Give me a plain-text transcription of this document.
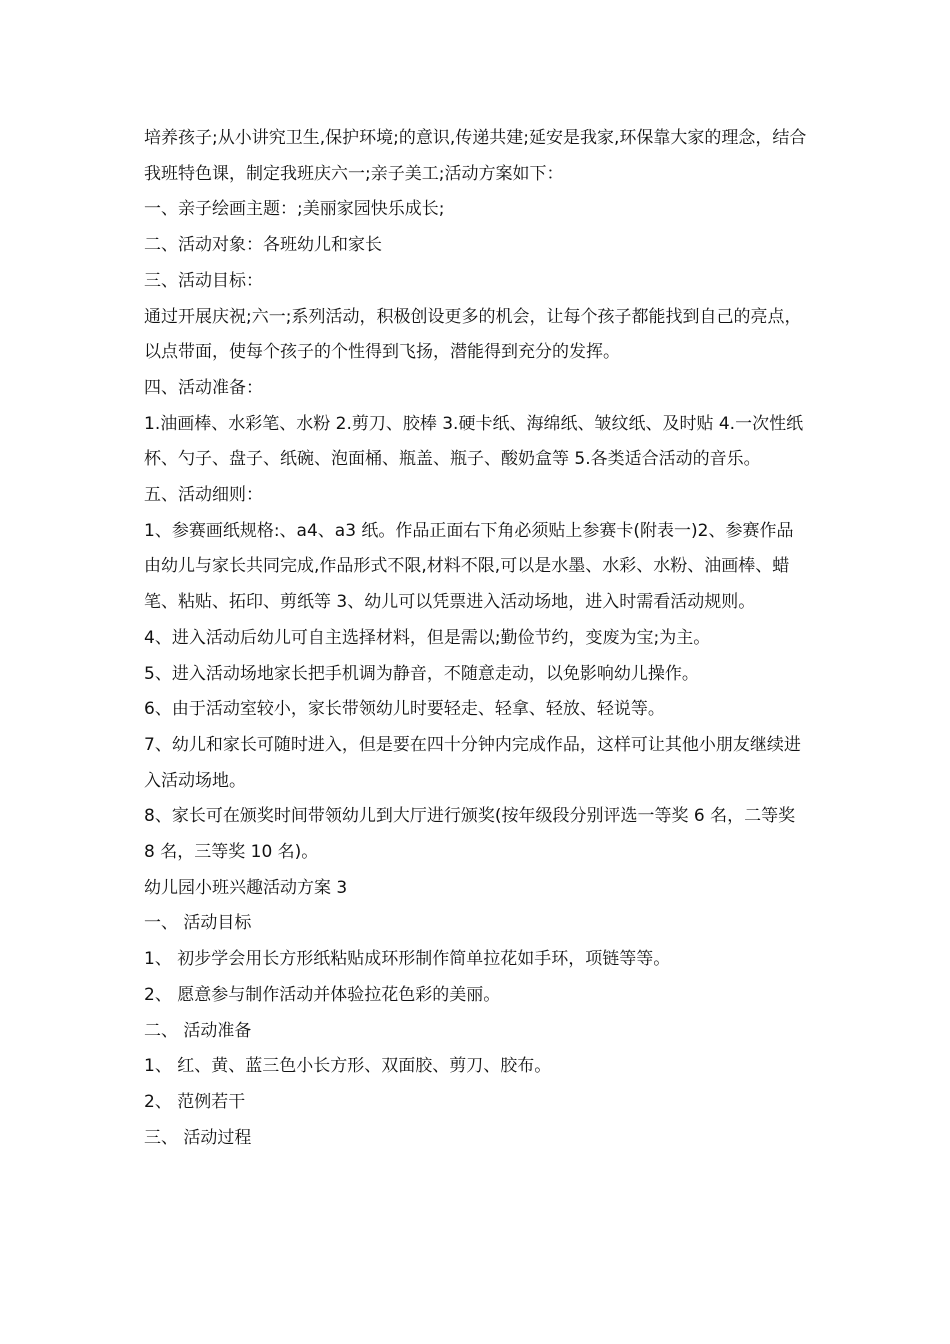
培养孩子;从小讲究卫生,保护环境;的意识,传递共建;延安是我家,环保靠大家的理念，结合我班特色课，制定我班庆六一;亲子美工;活动方案如下：

一、亲子绘画主题：;美丽家园快乐成长;

二、活动对象：各班幼儿和家长

三、活动目标：

通过开展庆祝;六一;系列活动，积极创设更多的机会，让每个孩子都能找到自己的亮点，以点带面，使每个孩子的个性得到飞扬，潜能得到充分的发挥。

四、活动准备：

1.油画棒、水彩笔、水粉 2.剪刀、胶棒 3.硬卡纸、海绵纸、皱纹纸、及时贴 4.一次性纸杯、勺子、盘子、纸碗、泡面桶、瓶盖、瓶子、酸奶盒等 5.各类适合活动的音乐。

五、活动细则：

1、参赛画纸规格:、a4、a3 纸。作品正面右下角必须贴上参赛卡(附表一)2、参赛作品由幼儿与家长共同完成,作品形式不限,材料不限,可以是水墨、水彩、水粉、油画棒、蜡笔、粘贴、拓印、剪纸等 3、幼儿可以凭票进入活动场地，进入时需看活动规则。

4、进入活动后幼儿可自主选择材料，但是需以;勤俭节约，变废为宝;为主。

5、进入活动场地家长把手机调为静音，不随意走动，以免影响幼儿操作。

6、由于活动室较小，家长带领幼儿时要轻走、轻拿、轻放、轻说等。

7、幼儿和家长可随时进入，但是要在四十分钟内完成作品，这样可让其他小朋友继续进入活动场地。

8、家长可在颁奖时间带领幼儿到大厅进行颁奖(按年级段分别评选一等奖 6 名，二等奖 8 名，三等奖 10 名)。

幼儿园小班兴趣活动方案 3

一、 活动目标

1、 初步学会用长方形纸粘贴成环形制作简单拉花如手环，项链等等。

2、 愿意参与制作活动并体验拉花色彩的美丽。

二、 活动准备

1、 红、黄、蓝三色小长方形、双面胶、剪刀、胶布。

2、 范例若干

三、 活动过程
